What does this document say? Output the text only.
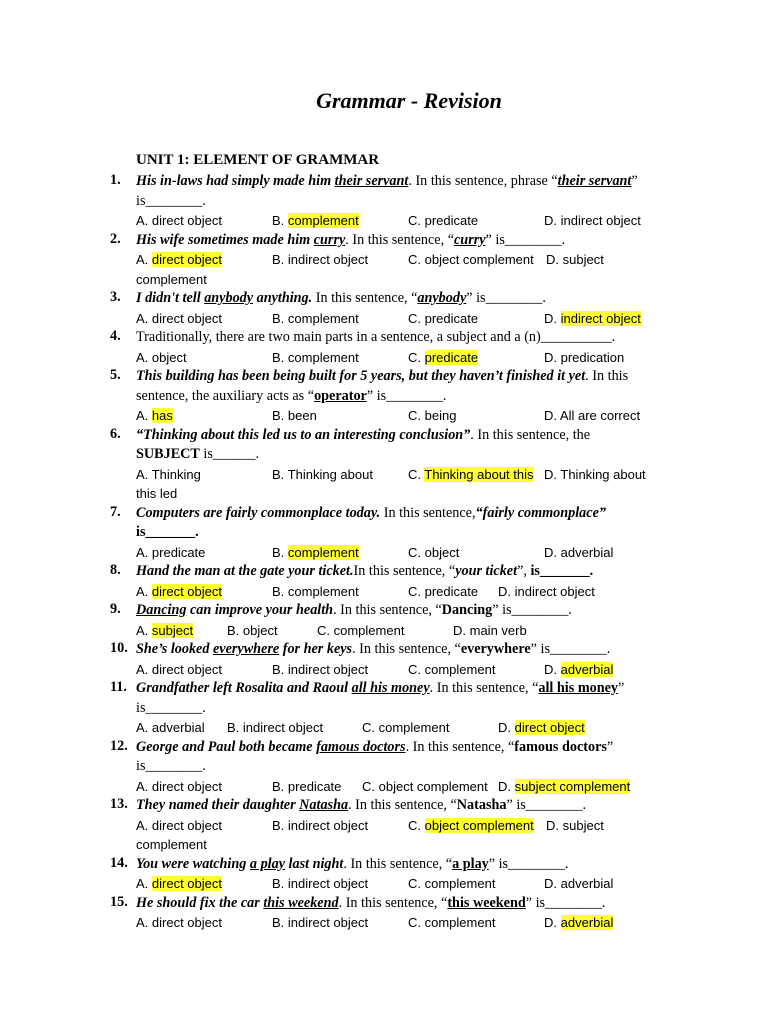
Grammar - Revision
UNIT 1: ELEMENT OF GRAMMAR
1. His in-laws had simply made him their servant. In this sentence, phrase “their servant”
is________.
A. direct object	B. complement	C. predicate	D. indirect object
2. His wife sometimes made him curry. In this sentence, “curry” is________.
A. direct object	B. indirect object	C. object complement D. subject
complement
3. I didn't tell anybody anything. In this sentence, “anybody” is________.
A. direct object	B. complement	C. predicate	D. indirect object
4. Traditionally, there are two main parts in a sentence, a subject and a (n)__________.
A. object	B. complement	C. predicate	D. predication
5. This building has been being built for 5 years, but they haven’t finished it yet. In this
sentence, the auxiliary acts as “operator” is________.
A. has	B. been	C. being	D. All are correct
6. “Thinking about this led us to an interesting conclusion”. In this sentence, the
SUBJECT is______.
A. Thinking	B. Thinking about	C. Thinking about this D. Thinking about
this led
7. Computers are fairly commonplace today. In this sentence,“fairly commonplace”
is_______.
A. predicate	B. complement	C. object	D. adverbial
8. Hand the man at the gate your ticket.In this sentence, “your ticket”, is_______.
A. direct object	B. complement	C. predicate D. indirect object
9. Dancing can improve your health. In this sentence, “Dancing” is________.
A. subject	B. object	C. complement	D. main verb
10. She’s looked everywhere for her keys. In this sentence, “everywhere” is________.
A. direct object	B. indirect object	C. complement	D. adverbial
11. Grandfather left Rosalita and Raoul all his money. In this sentence, “all his money”
is________.
A. adverbial B. indirect object	C. complement	D. direct object
12. George and Paul both became famous doctors. In this sentence, “famous doctors”
is________.
A. direct object	B. predicate C. object complement D. subject complement
13. They named their daughter Natasha. In this sentence, “Natasha” is________.
A. direct object	B. indirect object	C. object complement D. subject
complement
14. You were watching a play last night. In this sentence, “a play” is________.
A. direct object	B. indirect object	C. complement	D. adverbial
15. He should fix the car this weekend. In this sentence, “this weekend” is________.
A. direct object	B. indirect object	C. complement	D. adverbial
